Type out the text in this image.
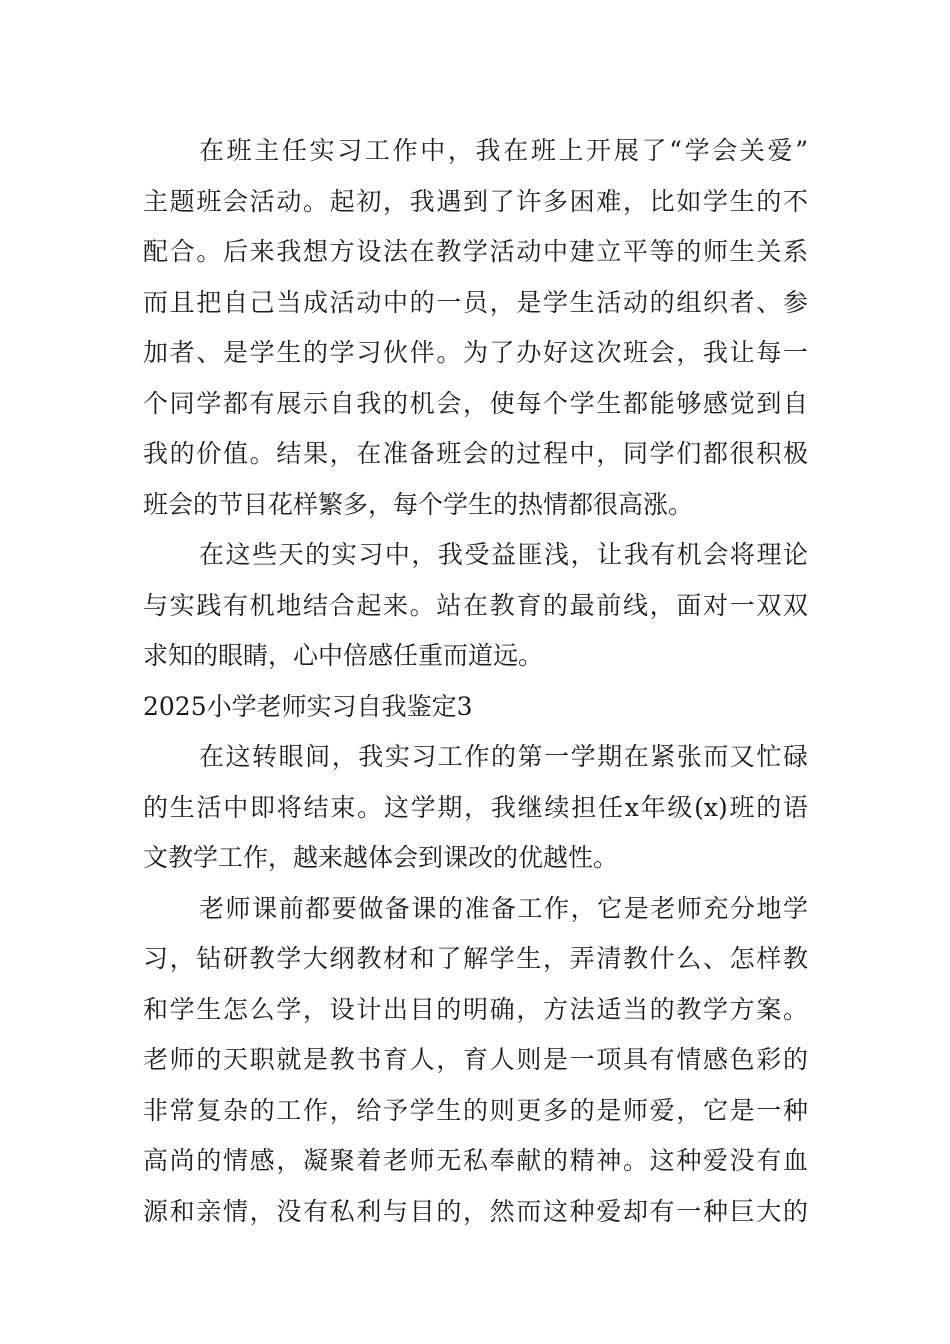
在班主任实习工作中，我在班上开展了“学会关爱”
主题班会活动。起初，我遇到了许多困难，比如学生的不
配合。后来我想方设法在教学活动中建立平等的师生关系
而且把自己当成活动中的一员，是学生活动的组织者、参
加者、是学生的学习伙伴。为了办好这次班会，我让每一
个同学都有展示自我的机会，使每个学生都能够感觉到自
我的价值。结果，在准备班会的过程中，同学们都很积极
班会的节目花样繁多，每个学生的热情都很高涨。
在这些天的实习中，我受益匪浅，让我有机会将理论
与实践有机地结合起来。站在教育的最前线，面对一双双
求知的眼睛，心中倍感任重而道远。
2025小学老师实习自我鉴定3
在这转眼间，我实习工作的第一学期在紧张而又忙碌
的生活中即将结束。这学期，我继续担任x年级(x)班的语
文教学工作，越来越体会到课改的优越性。
老师课前都要做备课的准备工作，它是老师充分地学
习，钻研教学大纲教材和了解学生，弄清教什么、怎样教
和学生怎么学，设计出目的明确，方法适当的教学方案。
老师的天职就是教书育人，育人则是一项具有情感色彩的
非常复杂的工作，给予学生的则更多的是师爱，它是一种
高尚的情感，凝聚着老师无私奉献的精神。这种爱没有血
源和亲情，没有私利与目的，然而这种爱却有一种巨大的
